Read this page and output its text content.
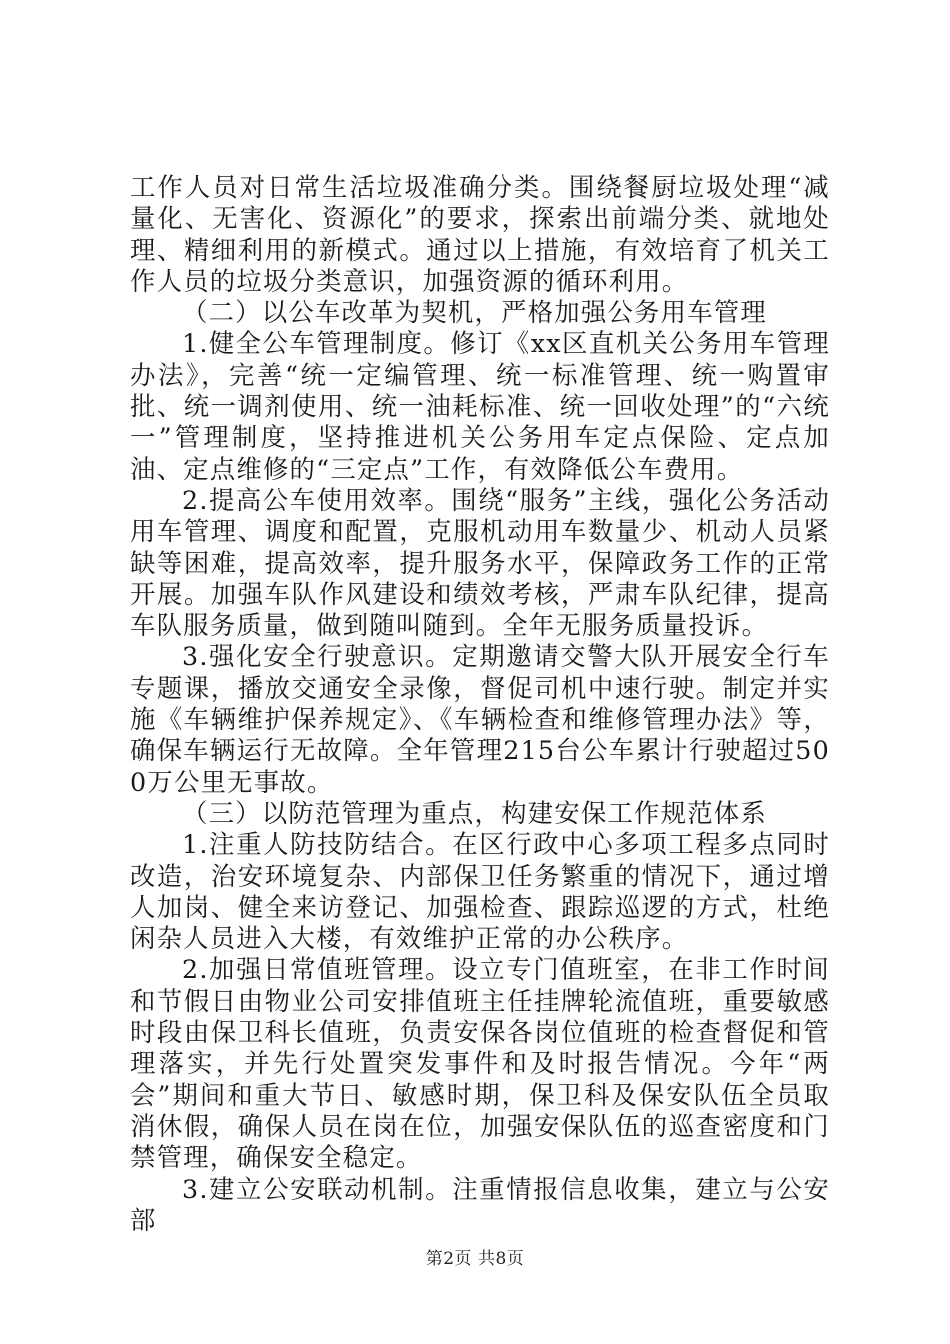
工作人员对日常生活垃圾准确分类。围绕餐厨垃圾处理“减量化、无害化、资源化”的要求，探索出前端分类、就地处理、精细利用的新模式。通过以上措施，有效培育了机关工作人员的垃圾分类意识，加强资源的循环利用。

（二）以公车改革为契机，严格加强公务用车管理

1.健全公车管理制度。修订《xx区直机关公务用车管理办法》，完善“统一定编管理、统一标准管理、统一购置审批、统一调剂使用、统一油耗标准、统一回收处理”的“六统一”管理制度，坚持推进机关公务用车定点保险、定点加油、定点维修的“三定点”工作，有效降低公车费用。

2.提高公车使用效率。围绕“服务”主线，强化公务活动用车管理、调度和配置，克服机动用车数量少、机动人员紧缺等困难，提高效率，提升服务水平，保障政务工作的正常开展。加强车队作风建设和绩效考核，严肃车队纪律，提高车队服务质量，做到随叫随到。全年无服务质量投诉。

3.强化安全行驶意识。定期邀请交警大队开展安全行车专题课，播放交通安全录像，督促司机中速行驶。制定并实施《车辆维护保养规定》、《车辆检查和维修管理办法》等，确保车辆运行无故障。全年管理215台公车累计行驶超过500万公里无事故。

（三）以防范管理为重点，构建安保工作规范体系

1.注重人防技防结合。在区行政中心多项工程多点同时改造，治安环境复杂、内部保卫任务繁重的情况下，通过增人加岗、健全来访登记、加强检查、跟踪巡逻的方式，杜绝闲杂人员进入大楼，有效维护正常的办公秩序。

2.加强日常值班管理。设立专门值班室，在非工作时间和节假日由物业公司安排值班主任挂牌轮流值班，重要敏感时段由保卫科长值班，负责安保各岗位值班的检查督促和管理落实，并先行处置突发事件和及时报告情况。今年“两会”期间和重大节日、敏感时期，保卫科及保安队伍全员取消休假，确保人员在岗在位，加强安保队伍的巡查密度和门禁管理，确保安全稳定。

3.建立公安联动机制。注重情报信息收集，建立与公安部

第2页 共8页
